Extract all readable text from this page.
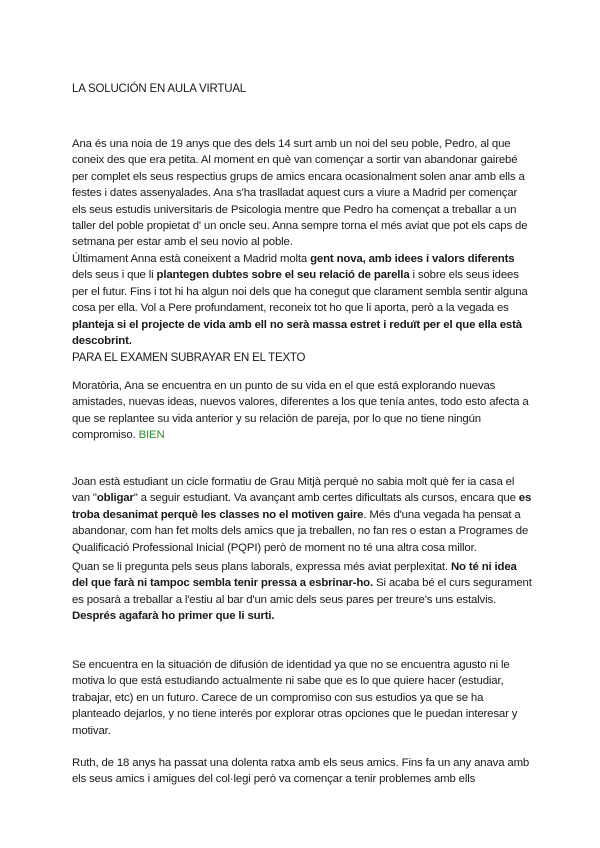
LA SOLUCIÓN EN AULA VIRTUAL
Ana és una noia de 19 anys que des dels 14 surt amb un noi del seu poble, Pedro, al que coneix des que era petita. Al moment en què van començar a sortir van abandonar gairebé per complet els seus respectius grups de amics encara ocasionalment solen anar amb ells a festes i dates assenyalades. Ana s'ha traslladat aquest curs a viure a Madrid per començar els seus estudis universitaris de Psicologia mentre que Pedro ha començat a treballar a un taller del poble propietat d' un oncle seu. Anna sempre torna el més aviat que pot els caps de setmana per estar amb el seu novio al poble.
Últimament Anna està coneixent a Madrid molta gent nova, amb idees i valors diferents dels seus i que li plantegen dubtes sobre el seu relació de parella i sobre els seus idees per el futur. Fins i tot hi ha algun noi dels que ha conegut que clarament sembla sentir alguna cosa per ella. Vol a Pere profundament, reconeix tot ho que li aporta, però a la vegada es planteja si el projecte de vida amb ell no serà massa estret i reduït per el que ella està descobrint.
PARA EL EXAMEN SUBRAYAR EN EL TEXTO
Moratòria, Ana se encuentra en un punto de su vida en el que está explorando nuevas amistades, nuevas ideas, nuevos valores, diferentes a los que tenía antes, todo esto afecta a que se replantee su vida anterior y su relación de pareja, por lo que no tiene ningún compromiso. BIEN
Joan està estudiant un cicle formatiu de Grau Mitjà perquè no sabia molt què fer ia casa el van "obligar" a seguir estudiant. Va avançant amb certes dificultats als cursos, encara que es troba desanimat perquè les classes no el motiven gaire. Més d'una vegada ha pensat a abandonar, com han fet molts dels amics que ja treballen, no fan res o estan a Programes de Qualificació Professional Inicial (PQPI) però de moment no té una altra cosa millor.
Quan se li pregunta pels seus plans laborals, expressa més aviat perplexitat. No té ni idea del que farà ni tampoc sembla tenir pressa a esbrinar-ho. Si acaba bé el curs segurament es posarà a treballar a l'estiu al bar d'un amic dels seus pares per treure's uns estalvis. Després agafarà ho primer que li surti.
Se encuentra en la situación de difusión de identidad ya que no se encuentra agusto ni le motiva lo que está estudiando actualmente ni sabe que es lo que quiere hacer (estudiar, trabajar, etc) en un futuro. Carece de un compromiso con sus estudios ya que se ha planteado dejarlos, y no tiene interés por explorar otras opciones que le puedan interesar y motivar.
Ruth, de 18 anys ha passat una dolenta ratxa amb els seus amics. Fins fa un any anava amb els seus amics i amigues del col·legi però va començar a tenir problemes amb ells
